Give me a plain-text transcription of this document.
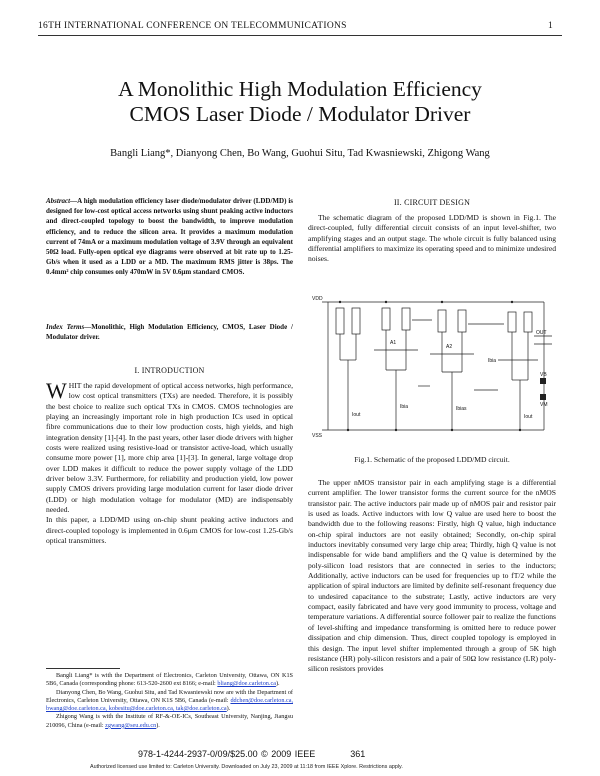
16TH INTERNATIONAL CONFERENCE ON TELECOMMUNICATIONS	1
A Monolithic High Modulation Efficiency
CMOS Laser Diode / Modulator Driver
Bangli Liang*, Dianyong Chen, Bo Wang, Guohui Situ, Tad Kwasniewski, Zhigong Wang
Abstract—A high modulation efficiency laser diode/modulator driver (LDD/MD) is designed for low-cost optical access networks using shunt peaking active inductors and direct-coupled topology to boost the bandwidth, to improve modulation efficiency, and to reduce the silicon area. It provides a maximum modulation current of 74mA or a maximum modulation voltage of 3.9V through an equivalent 50Ω load. Fully-open optical eye diagrams were observed at bit rate up to 1.25-Gb/s when it used as a LDD or a MD. The maximum RMS jitter is 38ps. The 0.4mm² chip consumes only 470mW in 5V 0.6μm standard CMOS.
Index Terms—Monolithic, High Modulation Efficiency, CMOS, Laser Diode / Modulator driver.
I. INTRODUCTION

WHIT the rapid development of optical access networks, high performance, low cost optical transmitters (TXs) are needed. Therefore, it is possibly the best choice to realize such optical TXs in CMOS. CMOS technologies are playing an increasingly important role in high production ICs used in optical fibre communications due to their low production costs, high yields, and high integration density [1]-[4]. In the past years, other laser diode drivers with higher costs were realized using resistive-load or transistor active-load, which usually consume more power [1], more chip area [1]-[3]. In general, large voltage drop over LDD makes it difficult to reduce the power supply voltage of the LDD driver below 3.3V. Furthermore, for reliability and production yield, low power supply CMOS drivers providing large modulation current for laser diode driver (LDD) or high modulation voltage for modulator (MD) are indispensably needed.

In this paper, a LDD/MD using on-chip shunt peaking active inductors and direct-coupled topology is implemented in 0.6μm CMOS for low-cost 1.25-Gb/s optical transmitters.

Bangli Liang* is with the Department of Electronics, Carleton University, Ottawa, ON K1S 5B6, Canada (corresponding phone: 613-520-2600 ext 8166; e-mail: bliang@doe.carleton.ca).

Dianyong Chen, Bo Wang, Guohui Situ, and Tad Kwasniewski now are with the Department of Electronics, Carleton University, Ottawa, ON K1S 5B6, Canada (e-mail: ddchen@doe.carleton.ca, bwang@doe.carleton.ca, kobesitu@doe.carleton.ca, tak@doe.carleton.ca).

Zhigong Wang is with the Institute of RF-&-OE-ICs, Southeast University, Nanjing, Jiangsu 210096, China (e-mail: zgwang@seu.edu.cn).

II. CIRCUIT DESIGN

The schematic diagram of the proposed LDD/MD is shown in Fig.1. The direct-coupled, fully differential circuit consists of an input level-shifter, two amplifying stages and an output stage. The whole circuit is fully balanced using differential amplifiers to maximize its operating speed and to minimize undesired noises.

VDD
OUT
VB
VM
VSS
Iout
Ibia	Ibias
Ibia
Iout
A1
A2
Fig.1. Schematic of the proposed LDD/MD circuit.

The upper nMOS transistor pair in each amplifying stage is a differential current amplifier. The lower transistor forms the current source for the nMOS transistor pair. The active inductors pair made up of nMOS pair and resistor pair is used as loads. Active inductors with low Q value are used here to boost the bandwidth due to the following reasons: Firstly, high Q value, high inductance on-chip spiral inductors are not easily obtained; Secondly, on-chip spiral inductors inevitably consumed very large chip area; Thirdly, high Q value is not indispensable for wide band amplifiers and the Q value is determined by the poly-silicon load resistors that are connected in series to the inductors; Additionally, active inductors can be used for frequencies up to fT/2 while the application of spiral inductors are limited by definite self-resonant frequency due to undesired capacitance to the substrate; Lastly, active inductors are very compact, easily fabricated and have very good immunity to process, voltage and temperature variations. A differential source follower pair to realize the functions of level-shifting and impedance transforming is omitted here to reduce power dissipation and chip dimension. Thus, direct coupled topology is employed in this design. The input level shifter implemented through a group of 5K high resistance (HR) poly-silicon resistors and a pair of 50Ω low resistance (LR) poly-silicon resistors provides

978-1-4244-2937-0/09/$25.00 © 2009 IEEE	361
Authorized licensed use limited to: Carleton University. Downloaded on July 23, 2009 at 11:18 from IEEE Xplore. Restrictions apply.
